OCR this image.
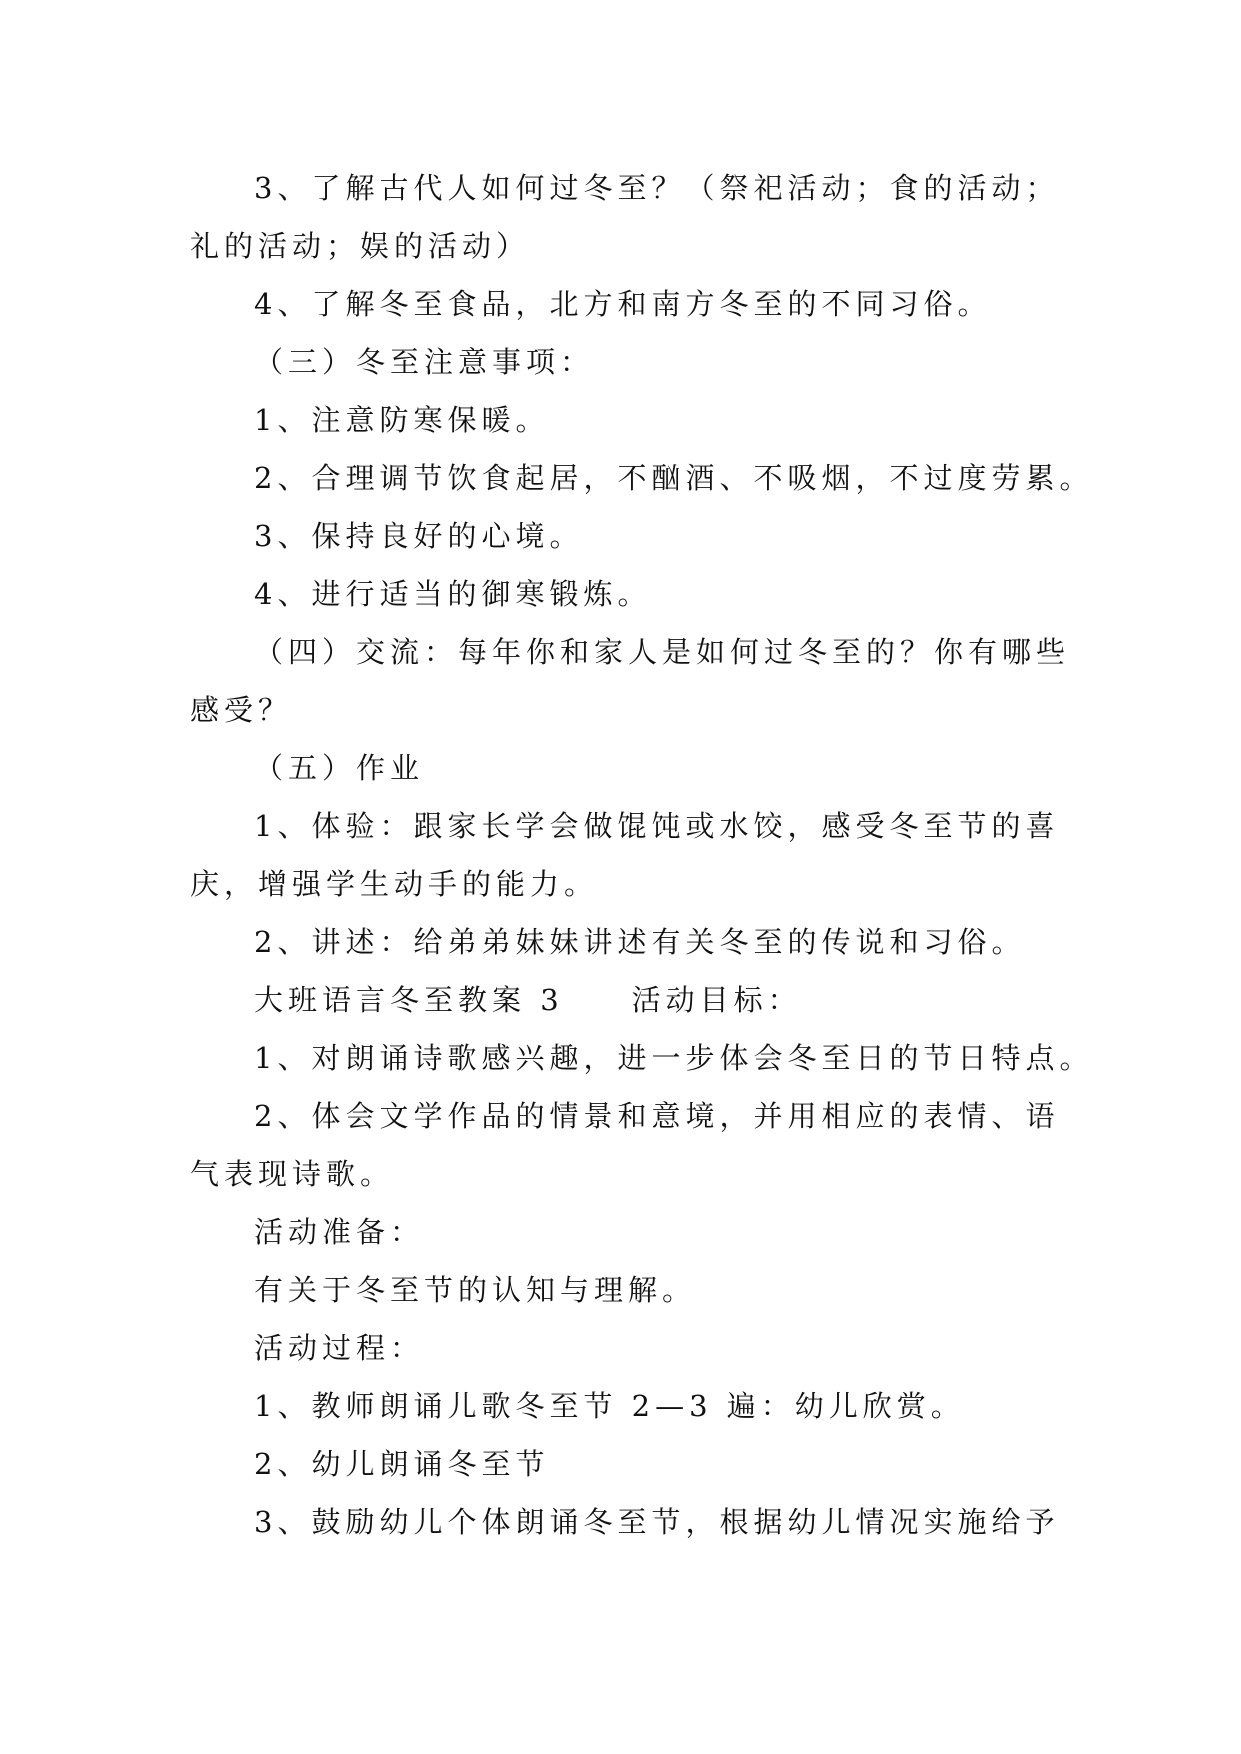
3、了解古代人如何过冬至？（祭祀活动；食的活动；
礼的活动；娱的活动）
4、了解冬至食品，北方和南方冬至的不同习俗。
（三）冬至注意事项：
1、注意防寒保暖。
2、合理调节饮食起居，不酗酒、不吸烟，不过度劳累。
3、保持良好的心境。
4、进行适当的御寒锻炼。
（四）交流：每年你和家人是如何过冬至的？你有哪些
感受？
（五）作业
1、体验：跟家长学会做馄饨或水饺，感受冬至节的喜
庆，增强学生动手的能力。
2、讲述：给弟弟妹妹讲述有关冬至的传说和习俗。
大班语言冬至教案 3　　活动目标：
1、对朗诵诗歌感兴趣，进一步体会冬至日的节日特点。
2、体会文学作品的情景和意境，并用相应的表情、语
气表现诗歌。
活动准备：
有关于冬至节的认知与理解。
活动过程：
1、教师朗诵儿歌冬至节 2—3 遍：幼儿欣赏。
2、幼儿朗诵冬至节
3、鼓励幼儿个体朗诵冬至节，根据幼儿情况实施给予
